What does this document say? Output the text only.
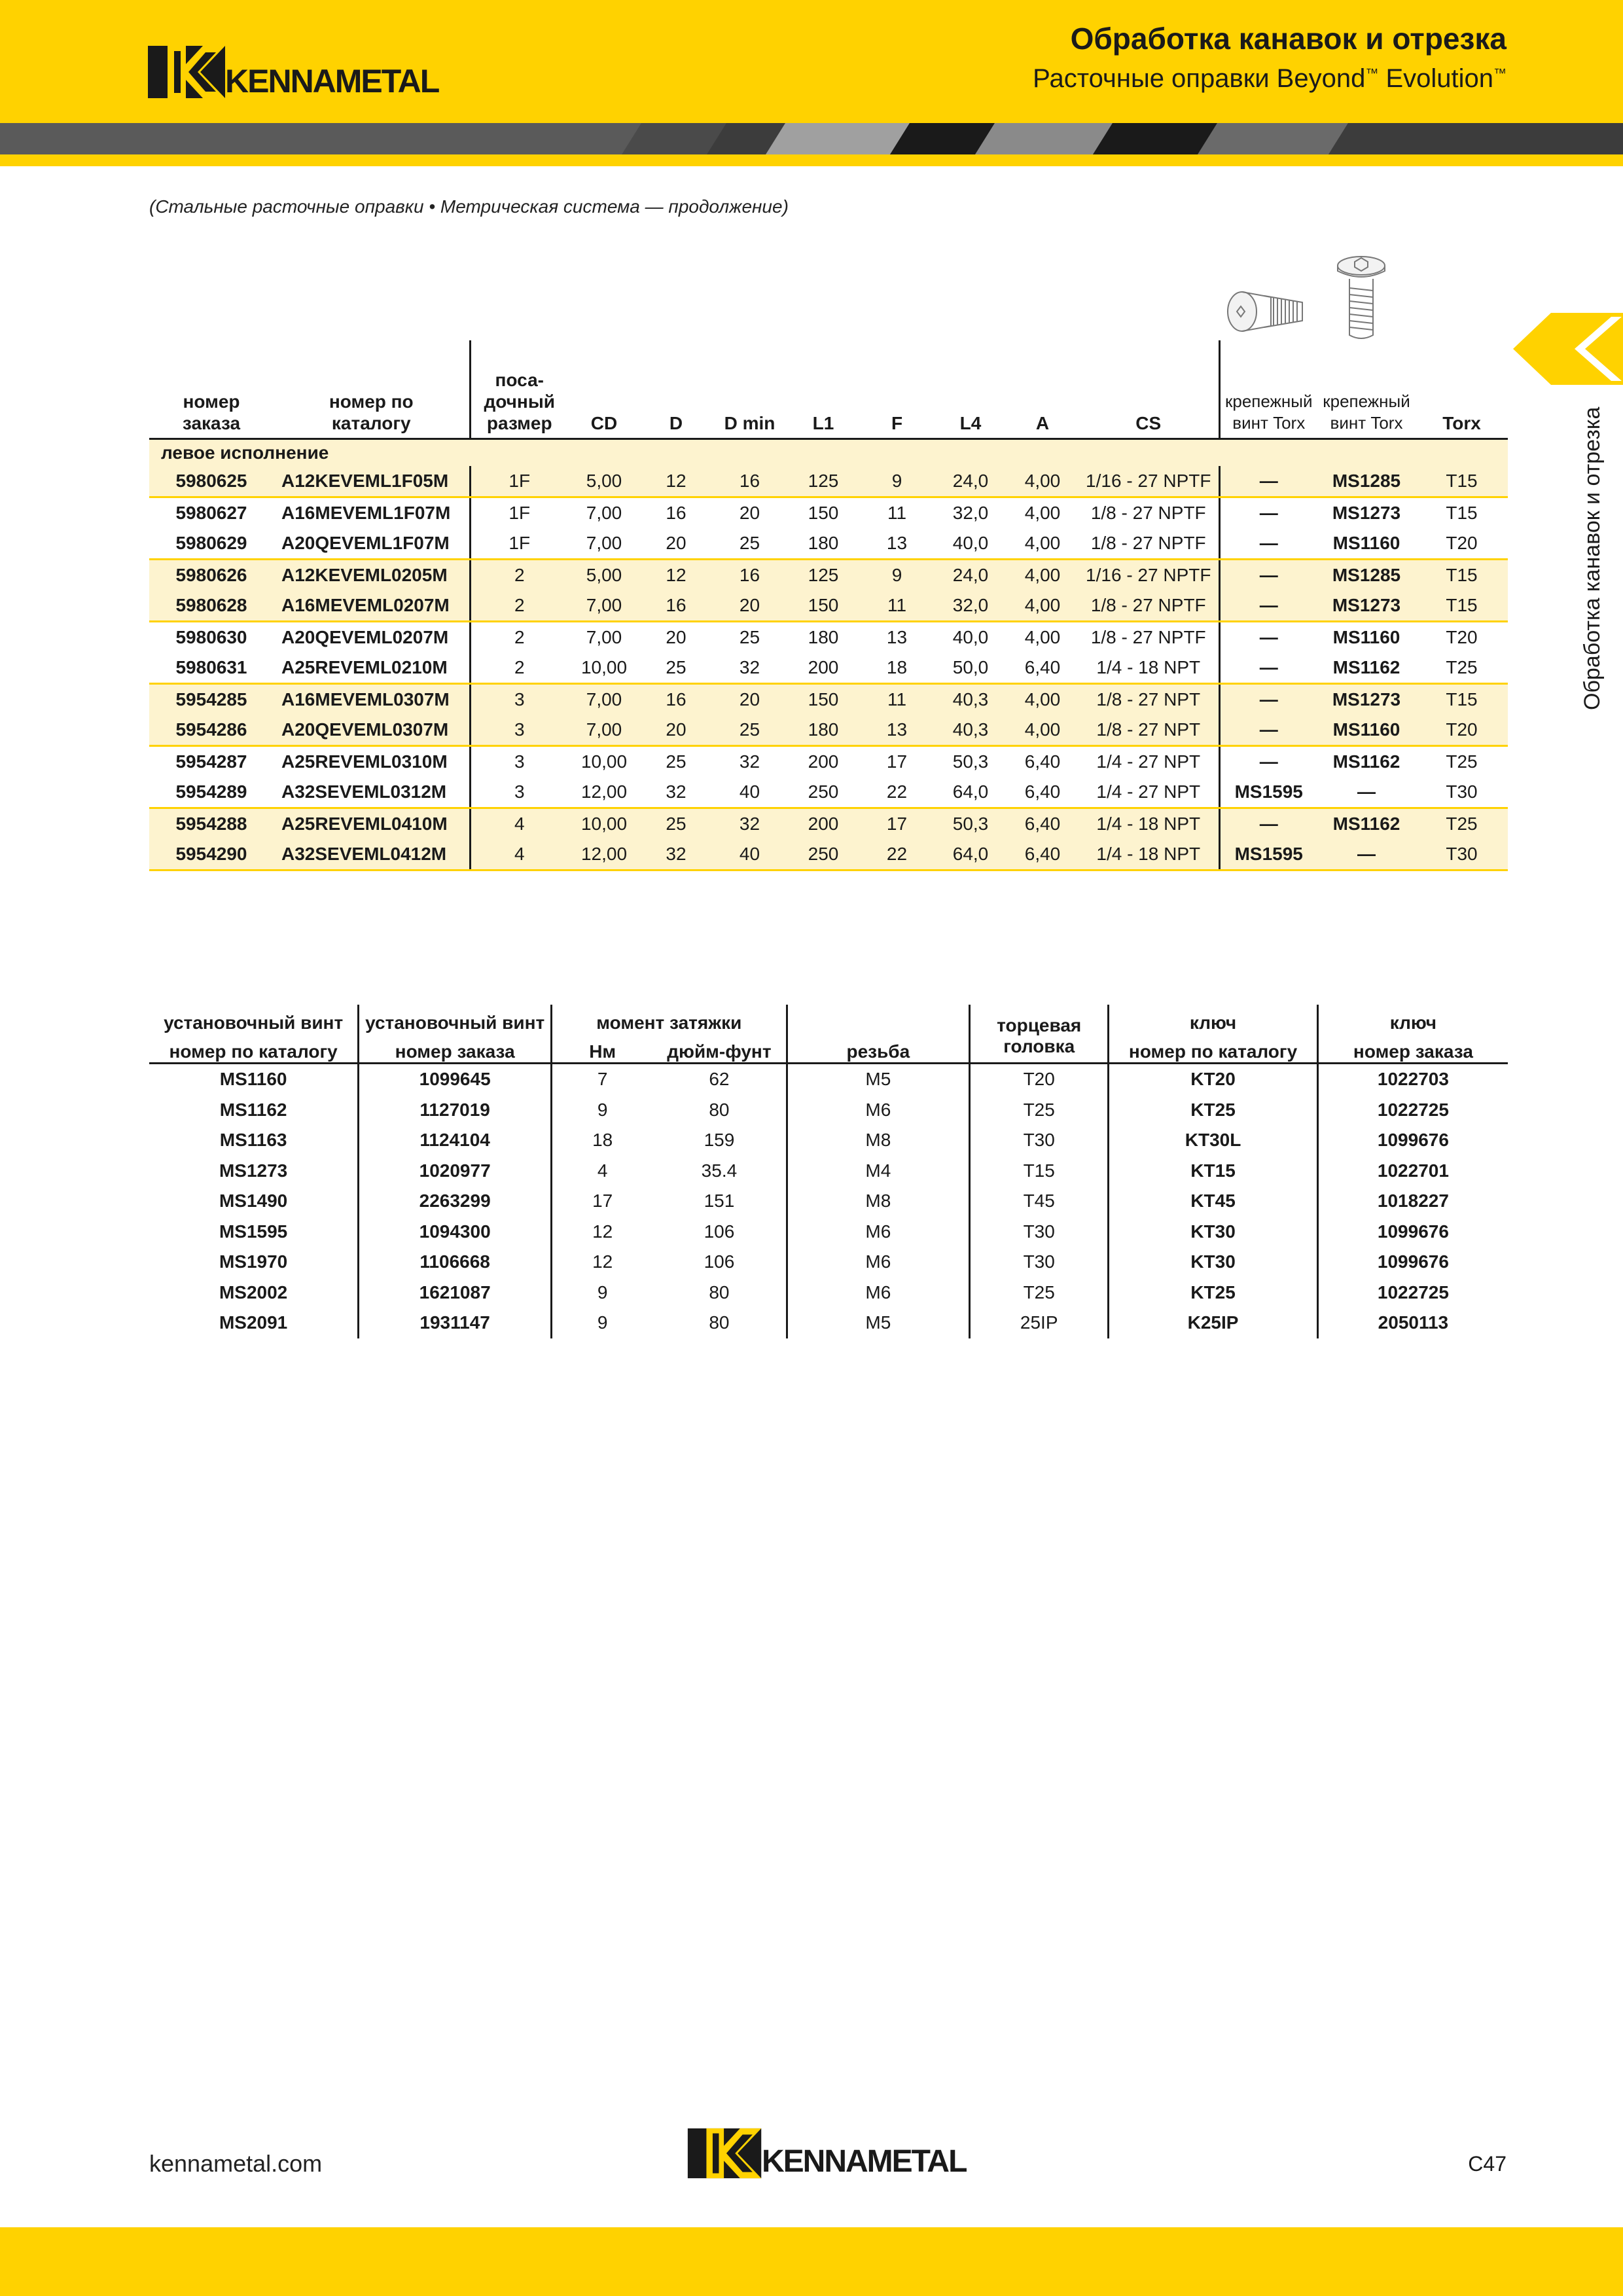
KENNAMETAL
Обработка канавок и отрезка
Расточные оправки Beyond™ Evolution™
(Стальные расточные оправки • Метрическая система — продолжение)
Обработка канавок и отрезка
номер заказа	номер по каталогу	поса- дочный размер	CD	D	D min	L1	F	L4	A	CS	крепежный винт Torx	крепежный винт Torx	Torx
левое исполнение													
5980625	A12KEVEML1F05M	1F	5,00	12	16	125	9	24,0	4,00	1/16 - 27 NPTF	—	MS1285	T15
5980627	A16MEVEML1F07M	1F	7,00	16	20	150	11	32,0	4,00	1/8 - 27 NPTF	—	MS1273	T15
5980629	A20QEVEML1F07M	1F	7,00	20	25	180	13	40,0	4,00	1/8 - 27 NPTF	—	MS1160	T20
5980626	A12KEVEML0205M	2	5,00	12	16	125	9	24,0	4,00	1/16 - 27 NPTF	—	MS1285	T15
5980628	A16MEVEML0207M	2	7,00	16	20	150	11	32,0	4,00	1/8 - 27 NPTF	—	MS1273	T15
5980630	A20QEVEML0207M	2	7,00	20	25	180	13	40,0	4,00	1/8 - 27 NPTF	—	MS1160	T20
5980631	A25REVEML0210M	2	10,00	25	32	200	18	50,0	6,40	1/4 - 18 NPT	—	MS1162	T25
5954285	A16MEVEML0307M	3	7,00	16	20	150	11	40,3	4,00	1/8 - 27 NPT	—	MS1273	T15
5954286	A20QEVEML0307M	3	7,00	20	25	180	13	40,3	4,00	1/8 - 27 NPT	—	MS1160	T20
5954287	A25REVEML0310M	3	10,00	25	32	200	17	50,3	6,40	1/4 - 27 NPT	—	MS1162	T25
5954289	A32SEVEML0312M	3	12,00	32	40	250	22	64,0	6,40	1/4 - 27 NPT	MS1595	—	T30
5954288	A25REVEML0410M	4	10,00	25	32	200	17	50,3	6,40	1/4 - 18 NPT	—	MS1162	T25
5954290	A32SEVEML0412M	4	12,00	32	40	250	22	64,0	6,40	1/4 - 18 NPT	MS1595	—	T30
установочный винт	установочный винт	момент затяжки			торцевая головка	ключ	ключ
номер по каталогу	номер заказа	Нм	дюйм-фунт	резьба		номер по каталогу	номер заказа
MS1160	1099645	7	62	M5	T20	KT20	1022703
MS1162	1127019	9	80	M6	T25	KT25	1022725
MS1163	1124104	18	159	M8	T30	KT30L	1099676
MS1273	1020977	4	35.4	M4	T15	KT15	1022701
MS1490	2263299	17	151	M8	T45	KT45	1018227
MS1595	1094300	12	106	M6	T30	KT30	1099676
MS1970	1106668	12	106	M6	T30	KT30	1099676
MS2002	1621087	9	80	M6	T25	KT25	1022725
MS2091	1931147	9	80	M5	25IP	K25IP	2050113
kennametal.com	KENNAMETAL	C47
